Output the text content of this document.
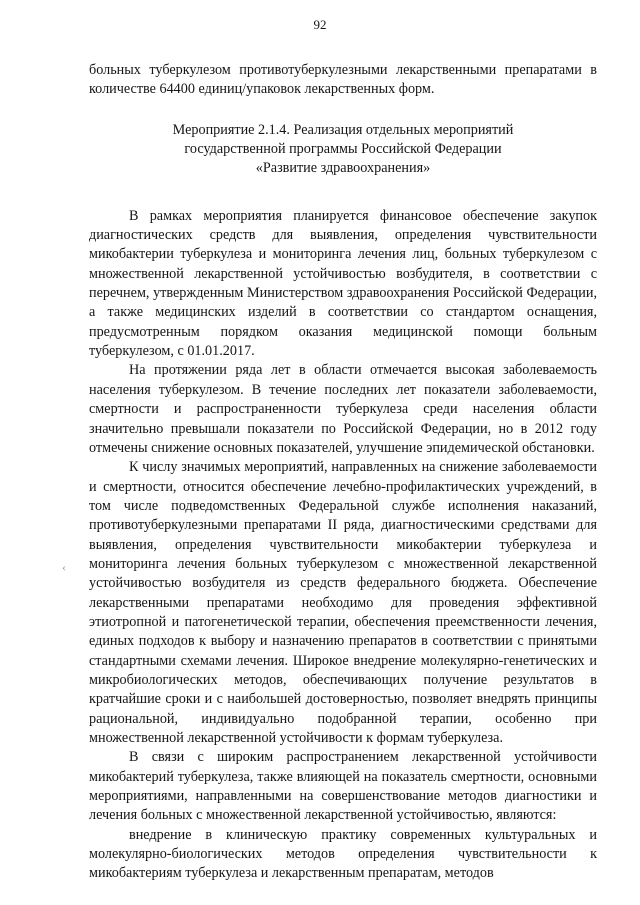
92

больных туберкулезом противотуберкулезными лекарственными препаратами в количестве 64400 единиц/упаковок лекарственных форм.

Мероприятие 2.1.4. Реализация отдельных мероприятий
государственной программы Российской Федерации
«Развитие здравоохранения»

В рамках мероприятия планируется финансовое обеспечение закупок диагностических средств для выявления, определения чувствительности микобактерии туберкулеза и мониторинга лечения лиц, больных туберкулезом с множественной лекарственной устойчивостью возбудителя, в соответствии с перечнем, утвержденным Министерством здравоохранения Российской Федерации, а также медицинских изделий в соответствии со стандартом оснащения, предусмотренным порядком оказания медицинской помощи больным туберкулезом, с 01.01.2017.

На протяжении ряда лет в области отмечается высокая заболеваемость населения туберкулезом. В течение последних лет показатели заболеваемости, смертности и распространенности туберкулеза среди населения области значительно превышали показатели по Российской Федерации, но в 2012 году отмечены снижение основных показателей, улучшение эпидемической обстановки.

К числу значимых мероприятий, направленных на снижение заболеваемости и смертности, относится обеспечение лечебно-профилактических учреждений, в том числе подведомственных Федеральной службе исполнения наказаний, противотуберкулезными препаратами II ряда, диагностическими средствами для выявления, определения чувствительности микобактерии туберкулеза и мониторинга лечения больных туберкулезом с множественной лекарственной устойчивостью возбудителя из средств федерального бюджета. Обеспечение лекарственными препаратами необходимо для проведения эффективной этиотропной и патогенетической терапии, обеспечения преемственности лечения, единых подходов к выбору и назначению препаратов в соответствии с принятыми стандартными схемами лечения. Широкое внедрение молекулярно-генетических и микробиологических методов, обеспечивающих получение результатов в кратчайшие сроки и с наибольшей достоверностью, позволяет внедрять принципы рациональной, индивидуально подобранной терапии, особенно при множественной лекарственной устойчивости к формам туберкулеза.

В связи с широким распространением лекарственной устойчивости микобактерий туберкулеза, также влияющей на показатель смертности, основными мероприятиями, направленными на совершенствование методов диагностики и лечения больных с множественной лекарственной устойчивостью, являются:

внедрение в клиническую практику современных культуральных и молекулярно-биологических методов определения чувствительности к микобактериям туберкулеза и лекарственным препаратам, методов

‹
